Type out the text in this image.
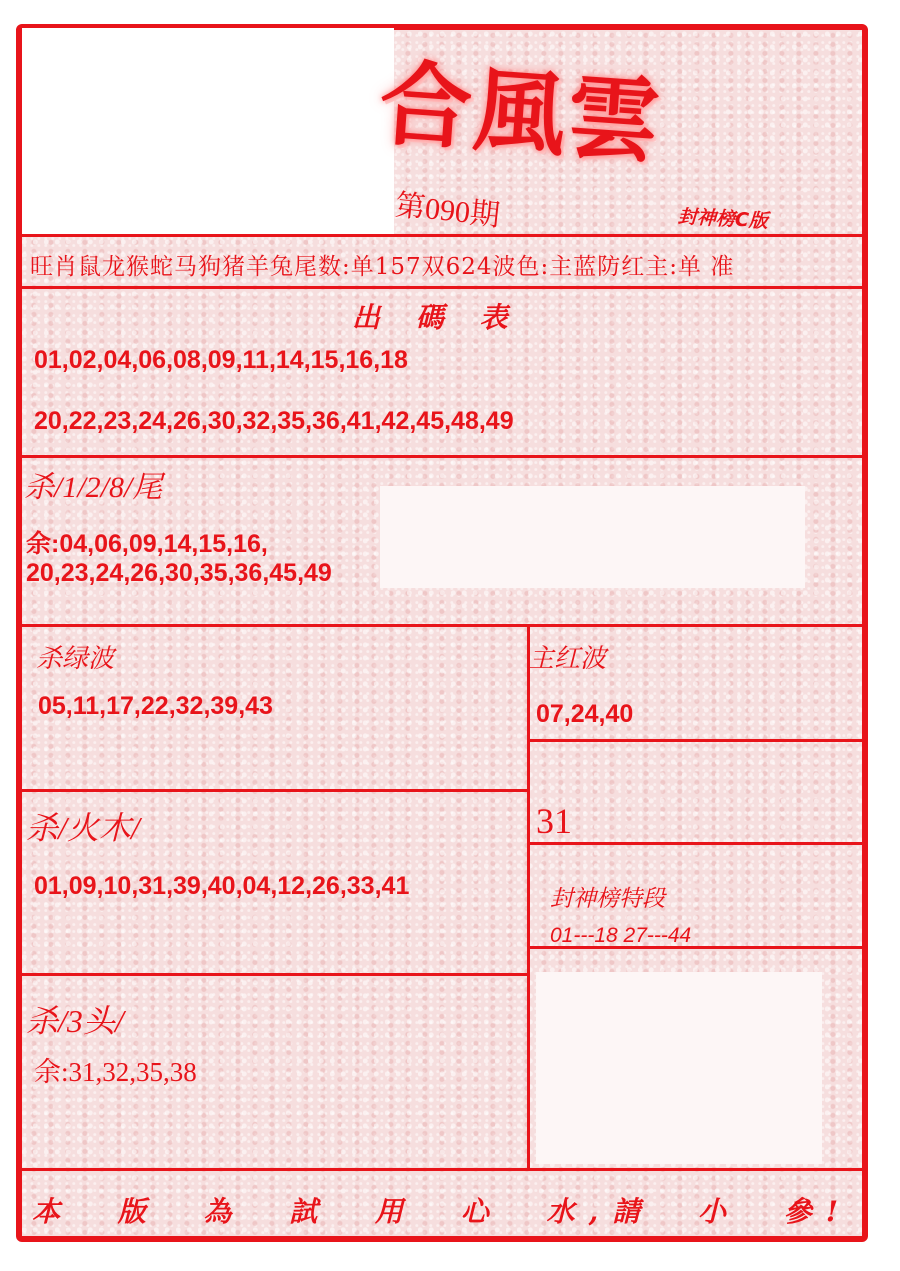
合風雲
第090期	封神榜C版
旺肖鼠龙猴蛇马狗猪羊兔尾数:单157双624波色:主蓝防红主:单 准
出 碼 表
01,02,04,06,08,09,11,14,15,16,18
20,22,23,24,26,30,32,35,36,41,42,45,48,49
杀/1/2/8/尾
余:04,06,09,14,15,16,
20,23,24,26,30,35,36,45,49
杀绿波
05,11,17,22,32,39,43
主红波
07,24,40
31
杀/火木/
01,09,10,31,39,40,04,12,26,33,41	封神榜特段
01---18 27---44
杀/3头/
余:31,32,35,38
本 版 為 試 用 心 水,請 小 參!
